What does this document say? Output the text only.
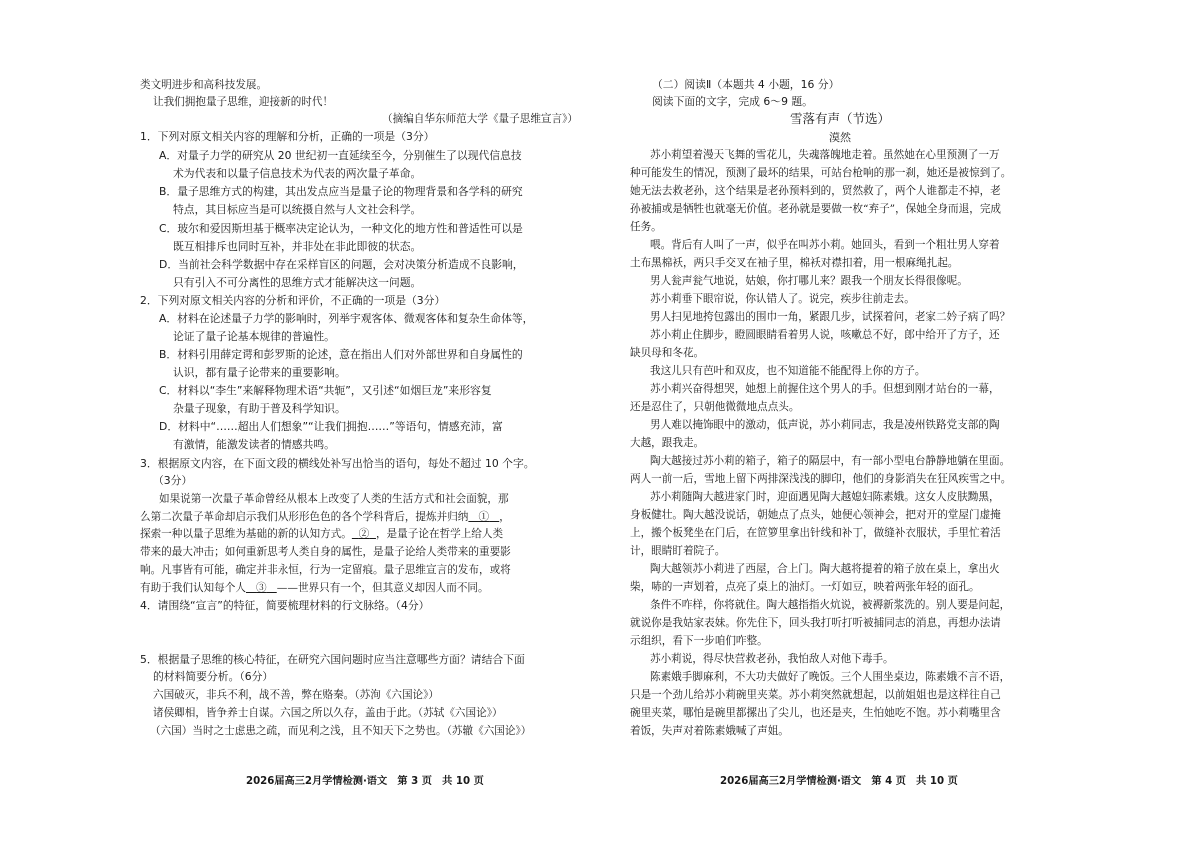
类文明进步和高科技发展。
让我们拥抱量子思维，迎接新的时代！
（摘编自华东师范大学《量子思维宣言》）
1．下列对原文相关内容的理解和分析，正确的一项是（3分）
A．对量子力学的研究从 20 世纪初一直延续至今，分别催生了以现代信息技
术为代表和以量子信息技术为代表的两次量子革命。
B．量子思维方式的构建，其出发点应当是量子论的物理背景和各学科的研究
特点，其目标应当是可以统摄自然与人文社会科学。
C．玻尔和爱因斯坦基于概率决定论认为，一种文化的地方性和普适性可以是
既互相排斥也同时互补，并非处在非此即彼的状态。
D．当前社会科学数据中存在采样盲区的问题，会对决策分析造成不良影响，
只有引入不可分离性的思维方式才能解决这一问题。
2．下列对原文相关内容的分析和评价，不正确的一项是（3分）
A．材料在论述量子力学的影响时，列举宇观客体、微观客体和复杂生命体等，
论证了量子论基本规律的普遍性。
B．材料引用薛定谔和彭罗斯的论述，意在指出人们对外部世界和自身属性的
认识，都有量子论带来的重要影响。
C．材料以“李生”来解释物理术语“共轭”，又引述“如烟巨龙”来形容复
杂量子现象，有助于普及科学知识。
D．材料中“……超出人们想象”“让我们拥抱……”等语句，情感充沛，富
有激情，能激发读者的情感共鸣。
3．根据原文内容，在下面文段的横线处补写出恰当的语句，每处不超过 10 个字。
（3分）
如果说第一次量子革命曾经从根本上改变了人类的生活方式和社会面貌，那
么第二次量子革命却启示我们从形形色色的各个学科背后，提炼并归纳 ① ，
探索一种以量子思维为基础的新的认知方式。 ② ，是量子论在哲学上给人类
带来的最大冲击；如何重新思考人类自身的属性，是量子论给人类带来的重要影
响。凡事皆有可能，确定并非永恒，行为一定留痕。量子思维宣言的发布，或将
有助于我们认知每个人 ③ ——世界只有一个，但其意义却因人而不同。
4．请围绕“宣言”的特征，简要梳理材料的行文脉络。（4分）
5．根据量子思维的核心特征，在研究六国问题时应当注意哪些方面？请结合下面
的材料简要分析。（6分）
六国破灭，非兵不利，战不善，弊在赂秦。（苏洵《六国论》）
诸侯卿相，皆争养士自谋。六国之所以久存，盖由于此。（苏轼《六国论》）
（六国）当时之士虑患之疏，而见利之浅，且不知天下之势也。（苏辙《六国论》）
2026届高三2月学情检测·语文　第 3 页　共 10 页
（二）阅读Ⅱ（本题共 4 小题，16 分）
阅读下面的文字，完成 6～9 题。
雪落有声（节选）
漠然
苏小莉望着漫天飞舞的雪花儿，失魂落魄地走着。虽然她在心里预测了一万
种可能发生的情况，预测了最坏的结果，可站台枪响的那一刹，她还是被惊到了。
她无法去救老孙，这个结果是老孙预料到的，贸然救了，两个人谁都走不掉，老
孙被捕或是牺牲也就毫无价值。老孙就是要做一枚“弃子”，保她全身而退，完成
任务。
喂。背后有人叫了一声，似乎在叫苏小莉。她回头，看到一个粗壮男人穿着
土布黑棉袄，两只手交叉在袖子里，棉袄对襟扣着，用一根麻绳扎起。
男人瓮声瓮气地说，姑娘，你打哪儿来？跟我一个朋友长得很像呢。
苏小莉垂下眼帘说，你认错人了。说完，疾步往前走去。
男人扫见地挎包露出的围巾一角，紧跟几步，试探着问，老家二妗子病了吗？
苏小莉止住脚步，瞪圆眼睛看着男人说，咳嗽总不好，郎中给开了方子，还
缺贝母和冬花。
我这儿只有芭叶和双皮，也不知道能不能配得上你的方子。
苏小莉兴奋得想哭，她想上前握住这个男人的手。但想到刚才站台的一幕，
还是忍住了，只朝他微微地点点头。
男人难以掩饰眼中的激动，低声说，苏小莉同志，我是凌州铁路党支部的陶
大越，跟我走。
陶大越接过苏小莉的箱子，箱子的隔层中，有一部小型电台静静地躺在里面。
两人一前一后，雪地上留下两排深浅浅的脚印，他们的身影消失在狂风疾雪之中。
苏小莉随陶大越进家门时，迎面遇见陶大越媳妇陈素娥。这女人皮肤黝黑，
身板健壮。陶大越没说话，朝她点了点头，她便心领神会，把对开的堂屋门虚掩
上，搬个板凳坐在门后，在笸箩里拿出针线和补丁，做缝补衣服状，手里忙着活
计，眼睛盯着院子。
陶大越领苏小莉进了西屋，合上门。陶大越将提着的箱子放在桌上，拿出火
柴，哧的一声划着，点亮了桌上的油灯。一灯如豆，映着两张年轻的面孔。
条件不咋样，你将就住。陶大越指指火炕说，被褥新浆洗的。别人要是问起，
就说你是我姑家表妹。你先住下，回头我打听打听被捕同志的消息，再想办法请
示组织，看下一步咱们咋整。
苏小莉说，得尽快营救老孙，我怕敌人对他下毒手。
陈素娥手脚麻利，不大功夫做好了晚饭。三个人围坐桌边，陈素娥不言不语，
只是一个劲儿给苏小莉碗里夹菜。苏小莉突然就想起，以前姐姐也是这样往自己
碗里夹菜，哪怕是碗里都摞出了尖儿，也还是夹，生怕她吃不饱。苏小莉嘴里含
着饭，失声对着陈素娥喊了声姐。
2026届高三2月学情检测·语文　第 4 页　共 10 页
